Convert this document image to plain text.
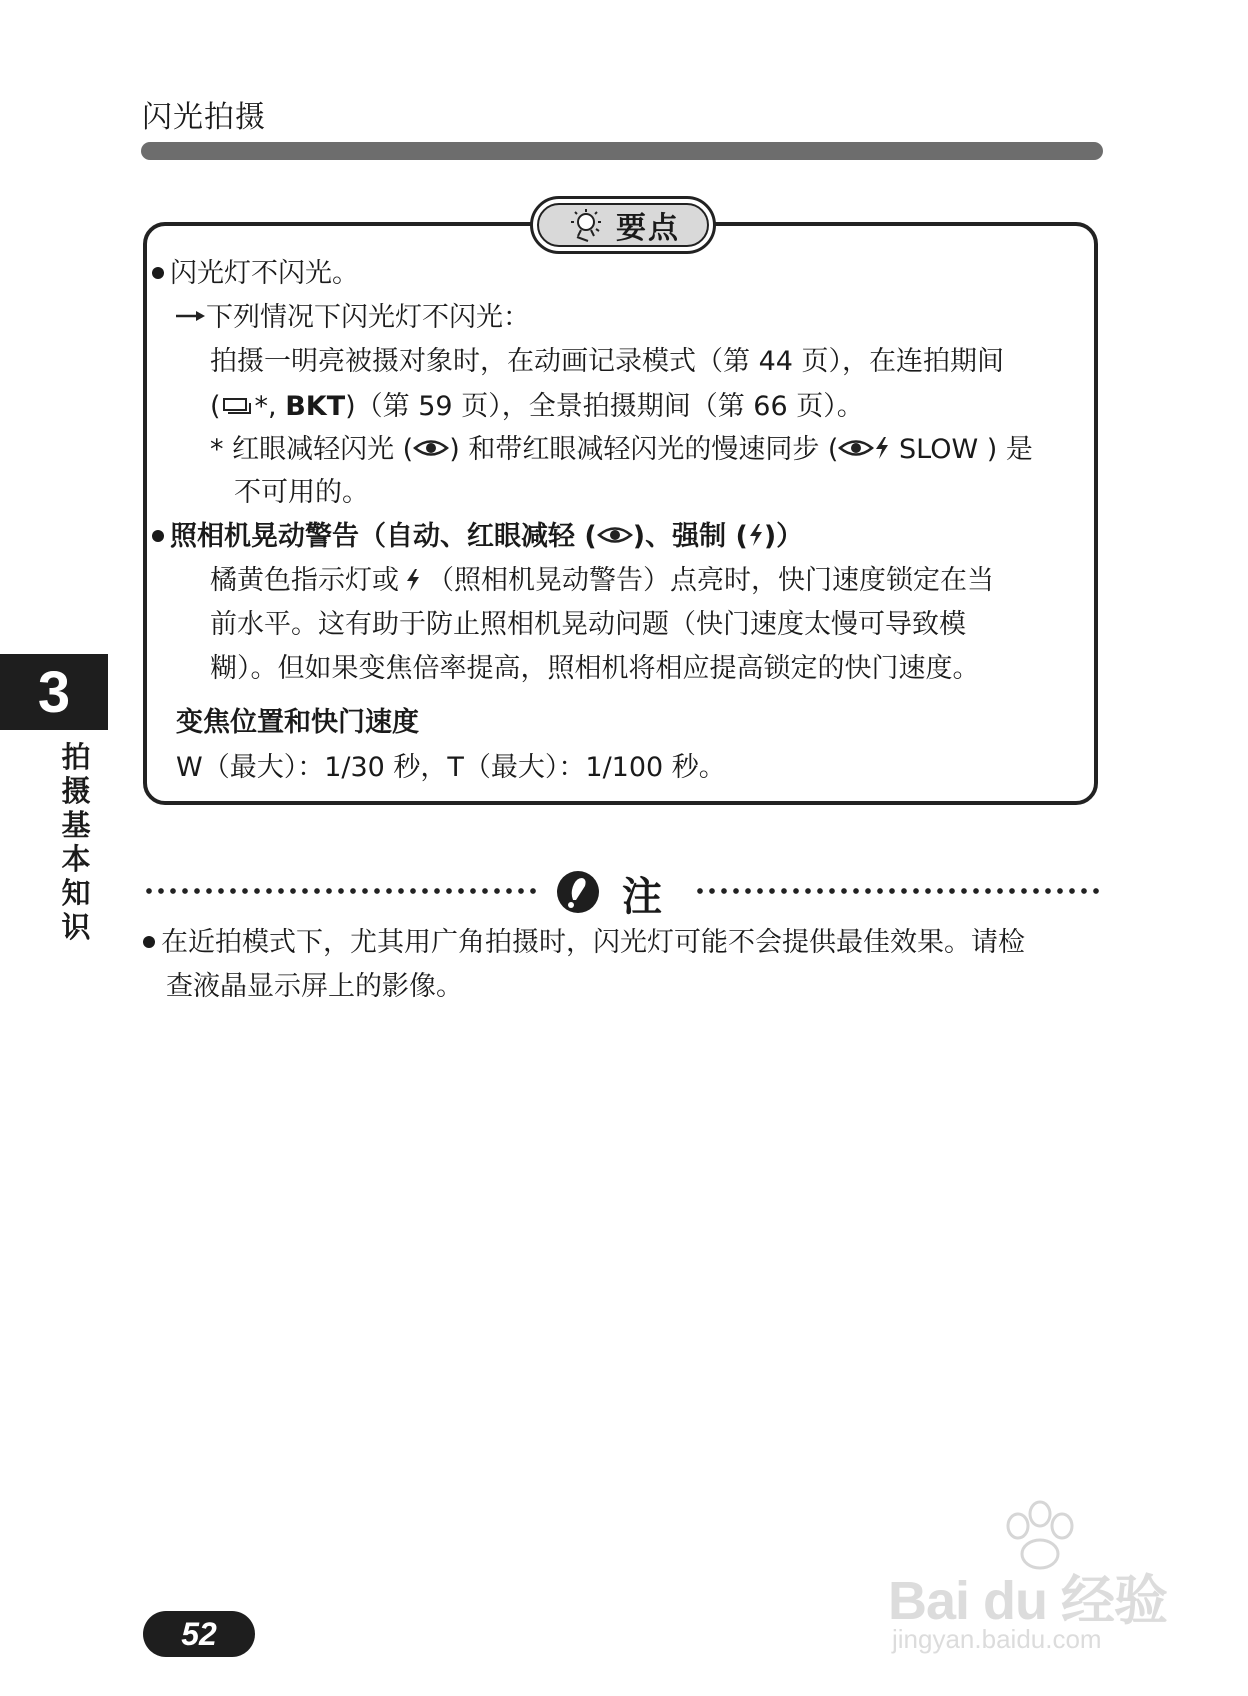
闪光拍摄
要点
闪光灯不闪光。
下列情况下闪光灯不闪光：
拍摄一明亮被摄对象时，在动画记录模式（第 44 页），在连拍期间
( *, BKT)（第 59 页），全景拍摄期间（第 66 页）。
* 红眼减轻闪光 ( ) 和带红眼减轻闪光的慢速同步 ( SLOW ) 是
不可用的。
照相机晃动警告（自动、红眼减轻 ( )、强制 ( )）
橘黄色指示灯或 （照相机晃动警告）点亮时，快门速度锁定在当
前水平。这有助于防止照相机晃动问题（快门速度太慢可导致模
糊）。但如果变焦倍率提高，照相机将相应提高锁定的快门速度。
变焦位置和快门速度
W（最大）：1/30 秒，T（最大）：1/100 秒。
注
在近拍模式下，尤其用广角拍摄时，闪光灯可能不会提供最佳效果。请检
查液晶显示屏上的影像。
3
拍摄基本知识
52
Bai du 经验
jingyan.baidu.com
